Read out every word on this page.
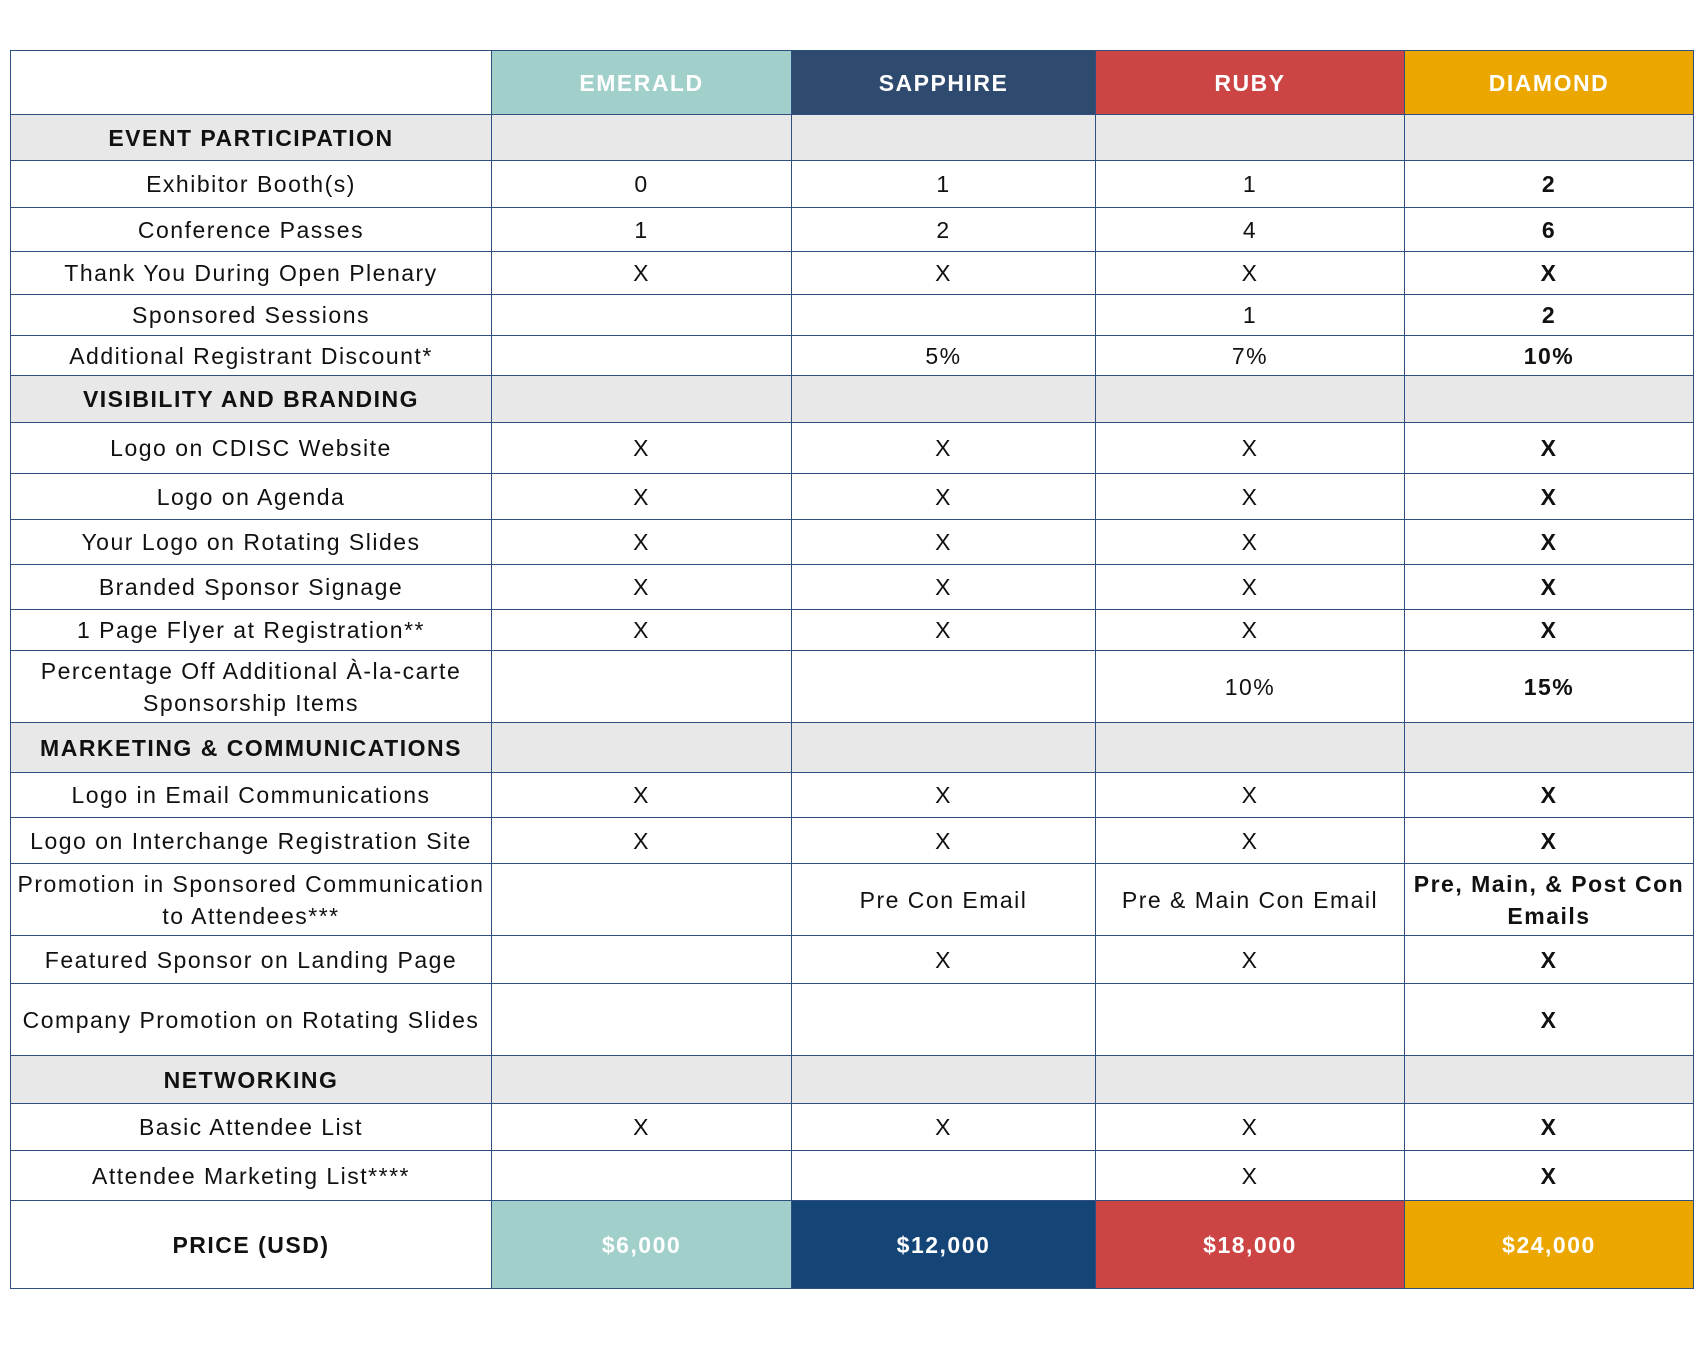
	EMERALD	SAPPHIRE	RUBY	DIAMOND
EVENT PARTICIPATION				
Exhibitor Booth(s)	0	1	1	2
Conference Passes	1	2	4	6
Thank You During Open Plenary	X	X	X	X
Sponsored Sessions			1	2
Additional Registrant Discount*		5%	7%	10%
VISIBILITY AND BRANDING				
Logo on CDISC Website	X	X	X	X
Logo on Agenda	X	X	X	X
Your Logo on Rotating Slides	X	X	X	X
Branded Sponsor Signage	X	X	X	X
1 Page Flyer at Registration**	X	X	X	X
Percentage Off Additional À-la-carte Sponsorship Items			10%	15%
MARKETING & COMMUNICATIONS				
Logo in Email Communications	X	X	X	X
Logo on Interchange Registration Site	X	X	X	X
Promotion in Sponsored Communication to Attendees***		Pre Con Email	Pre & Main Con Email	Pre, Main, & Post Con Emails
Featured Sponsor on Landing Page		X	X	X
Company Promotion on Rotating Slides				X
NETWORKING				
Basic Attendee List	X	X	X	X
Attendee Marketing List****			X	X
PRICE (USD)	$6,000	$12,000	$18,000	$24,000
